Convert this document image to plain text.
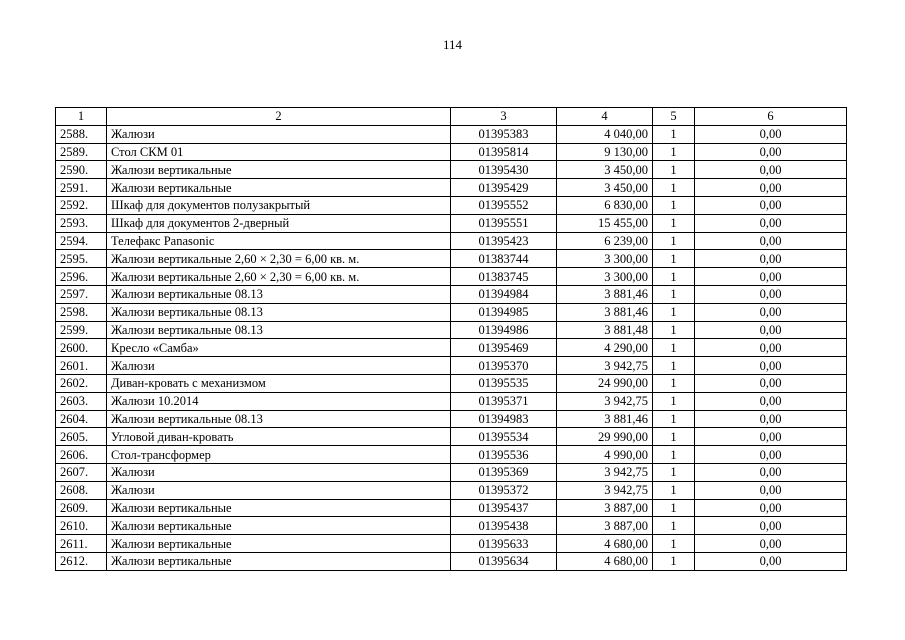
114
1	2	3	4	5	6
2588.	Жалюзи	01395383	4 040,00	1	0,00
2589.	Стол СКМ 01	01395814	9 130,00	1	0,00
2590.	Жалюзи вертикальные	01395430	3 450,00	1	0,00
2591.	Жалюзи вертикальные	01395429	3 450,00	1	0,00
2592.	Шкаф для документов полузакрытый	01395552	6 830,00	1	0,00
2593.	Шкаф для документов 2-дверный	01395551	15 455,00	1	0,00
2594.	Телефакс Panasonic	01395423	6 239,00	1	0,00
2595.	Жалюзи вертикальные 2,60 × 2,30 = 6,00 кв. м.	01383744	3 300,00	1	0,00
2596.	Жалюзи вертикальные 2,60 × 2,30 = 6,00 кв. м.	01383745	3 300,00	1	0,00
2597.	Жалюзи вертикальные 08.13	01394984	3 881,46	1	0,00
2598.	Жалюзи вертикальные 08.13	01394985	3 881,46	1	0,00
2599.	Жалюзи вертикальные 08.13	01394986	3 881,48	1	0,00
2600.	Кресло «Самба»	01395469	4 290,00	1	0,00
2601.	Жалюзи	01395370	3 942,75	1	0,00
2602.	Диван-кровать с механизмом	01395535	24 990,00	1	0,00
2603.	Жалюзи 10.2014	01395371	3 942,75	1	0,00
2604.	Жалюзи вертикальные 08.13	01394983	3 881,46	1	0,00
2605.	Угловой диван-кровать	01395534	29 990,00	1	0,00
2606.	Стол-трансформер	01395536	4 990,00	1	0,00
2607.	Жалюзи	01395369	3 942,75	1	0,00
2608.	Жалюзи	01395372	3 942,75	1	0,00
2609.	Жалюзи вертикальные	01395437	3 887,00	1	0,00
2610.	Жалюзи вертикальные	01395438	3 887,00	1	0,00
2611.	Жалюзи вертикальные	01395633	4 680,00	1	0,00
2612.	Жалюзи вертикальные	01395634	4 680,00	1	0,00
